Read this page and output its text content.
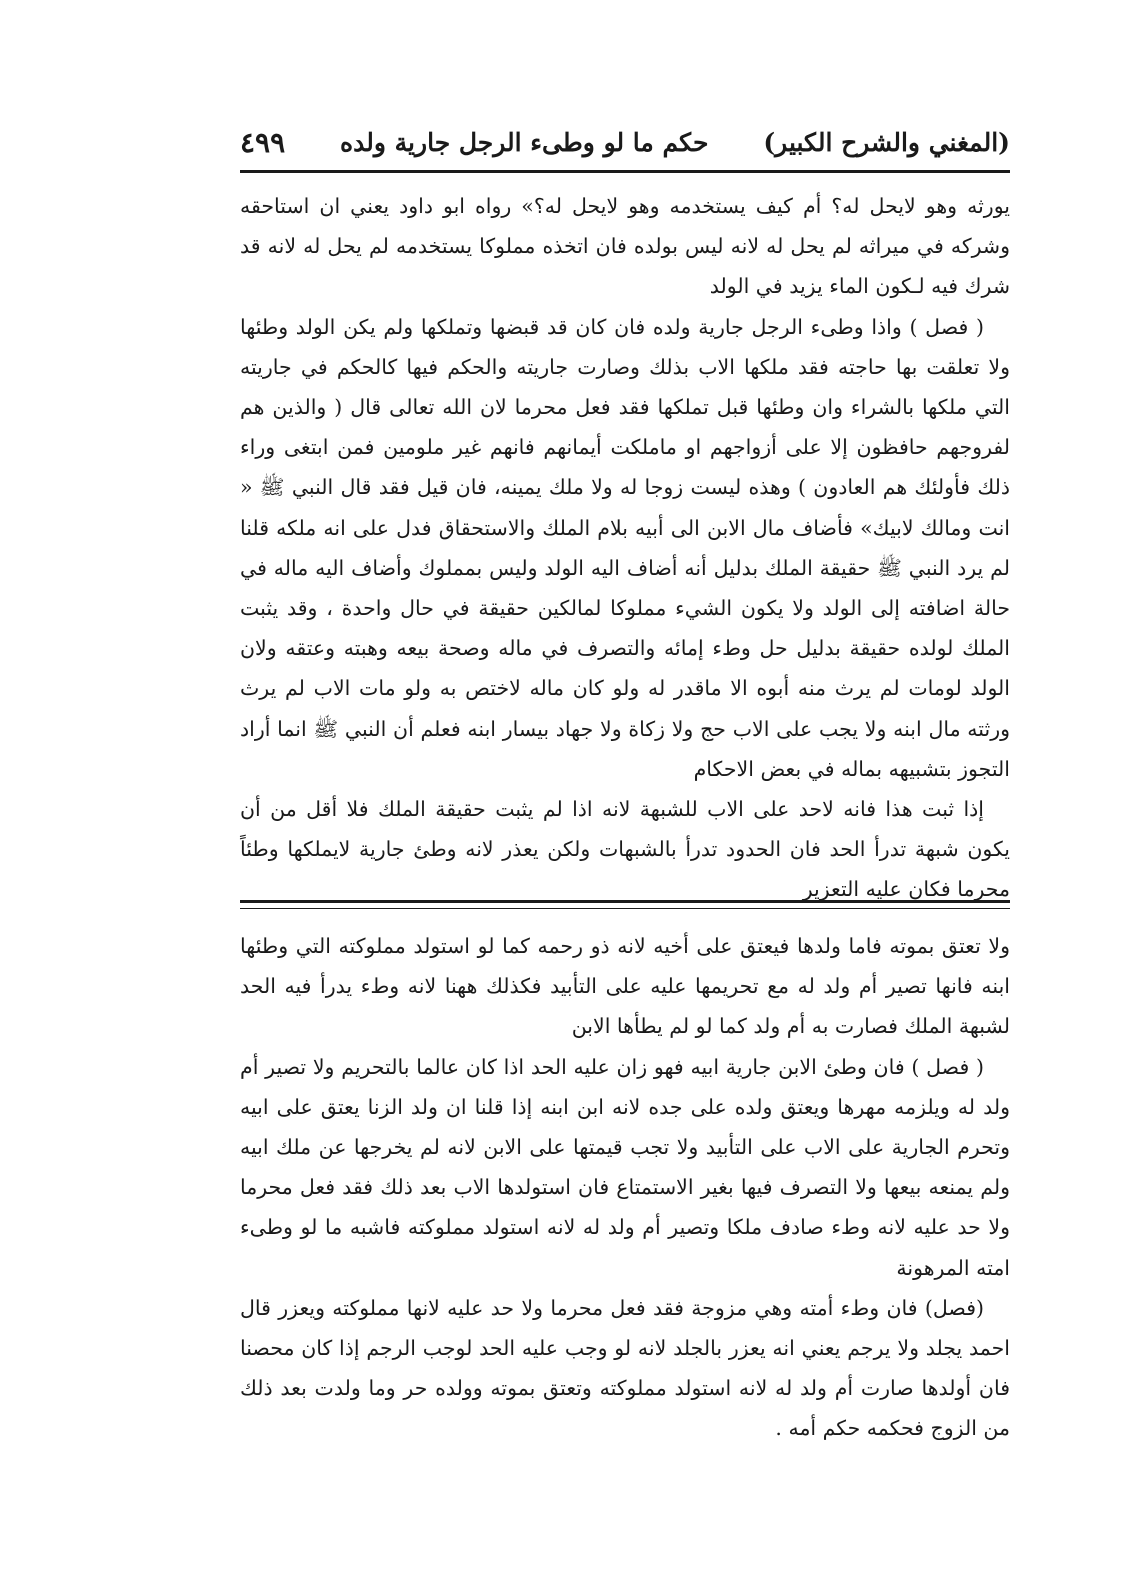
(المغني والشرح الكبير)
حكم ما لو وطىء الرجل جارية ولده
٤٩٩

يورثه وهو لايحل له؟ أم كيف يستخدمه وهو لايحل له؟» رواه ابو داود يعني ان استاحقه وشركه في ميراثه لم يحل له لانه ليس بولده فان اتخذه مملوكا يستخدمه لم يحل له لانه قد شرك فيه لـكون الماء يزيد في الولد

( فصل ) واذا وطىء الرجل جارية ولده فان كان قد قبضها وتملكها ولم يكن الولد وطئها ولا تعلقت بها حاجته فقد ملكها الاب بذلك وصارت جاريته والحكم فيها كالحكم في جاريته التي ملكها بالشراء وان وطئها قبل تملكها فقد فعل محرما لان الله تعالى قال ( والذين هم لفروجهم حافظون إلا على أزواجهم او ماملكت أيمانهم فانهم غير ملومين فمن ابتغى وراء ذلك فأولئك هم العادون ) وهذه ليست زوجا له ولا ملك يمينه، فان قيل فقد قال النبي ﷺ « انت ومالك لابيك» فأضاف مال الابن الى أبيه بلام الملك والاستحقاق فدل على انه ملكه قلنا لم يرد النبي ﷺ حقيقة الملك بدليل أنه أضاف اليه الولد وليس بمملوك وأضاف اليه ماله في حالة اضافته إلى الولد ولا يكون الشيء مملوكا لمالكين حقيقة في حال واحدة ، وقد يثبت الملك لولده حقيقة بدليل حل وطء إمائه والتصرف في ماله وصحة بيعه وهبته وعتقه ولان الولد لومات لم يرث منه أبوه الا ماقدر له ولو كان ماله لاختص به ولو مات الاب لم يرث ورثته مال ابنه ولا يجب على الاب حج ولا زكاة ولا جهاد بيسار ابنه فعلم أن النبي ﷺ انما أراد التجوز بتشبيهه بماله في بعض الاحكام

إذا ثبت هذا فانه لاحد على الاب للشبهة لانه اذا لم يثبت حقيقة الملك فلا أقل من أن يكون شبهة تدرأ الحد فان الحدود تدرأ بالشبهات ولكن يعذر لانه وطئ جارية لايملكها وطئاً محرما فكان عليه التعزير

ولا تعتق بموته فاما ولدها فيعتق على أخيه لانه ذو رحمه كما لو استولد مملوكته التي وطئها ابنه فانها تصير أم ولد له مع تحريمها عليه على التأبيد فكذلك ههنا لانه وطء يدرأ فيه الحد لشبهة الملك فصارت به أم ولد كما لو لم يطأها الابن

( فصل ) فان وطئ الابن جارية ابيه فهو زان عليه الحد اذا كان عالما بالتحريم ولا تصير أم ولد له ويلزمه مهرها ويعتق ولده على جده لانه ابن ابنه إذا قلنا ان ولد الزنا يعتق على ابيه وتحرم الجارية على الاب على التأبيد ولا تجب قيمتها على الابن لانه لم يخرجها عن ملك ابيه ولم يمنعه بيعها ولا التصرف فيها بغير الاستمتاع فان استولدها الاب بعد ذلك فقد فعل محرما ولا حد عليه لانه وطء صادف ملكا وتصير أم ولد له لانه استولد مملوكته فاشبه ما لو وطىء امته المرهونة

(فصل) فان وطء أمته وهي مزوجة فقد فعل محرما ولا حد عليه لانها مملوكته ويعزر قال احمد يجلد ولا يرجم يعني انه يعزر بالجلد لانه لو وجب عليه الحد لوجب الرجم إذا كان محصنا فان أولدها صارت أم ولد له لانه استولد مملوكته وتعتق بموته وولده حر وما ولدت بعد ذلك من الزوج فحكمه حكم أمه .
